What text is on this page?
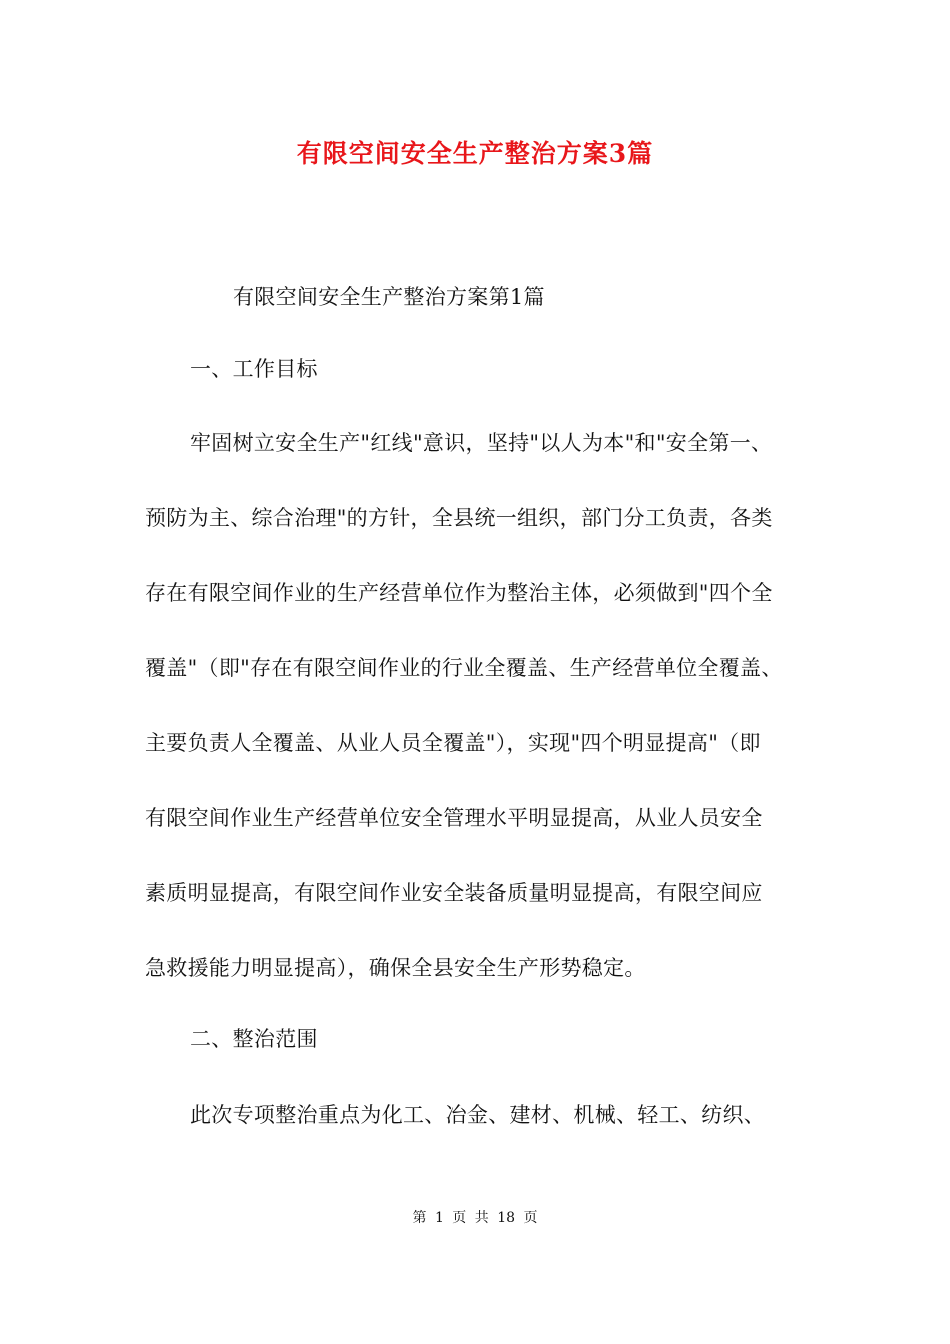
有限空间安全生产整治方案3篇

有限空间安全生产整治方案第1篇

一、工作目标

牢固树立安全生产"红线"意识，坚持"以人为本"和"安全第一、

预防为主、综合治理"的方针，全县统一组织，部门分工负责，各类

存在有限空间作业的生产经营单位作为整治主体，必须做到"四个全

覆盖"（即"存在有限空间作业的行业全覆盖、生产经营单位全覆盖、

主要负责人全覆盖、从业人员全覆盖"），实现"四个明显提高"（即

有限空间作业生产经营单位安全管理水平明显提高，从业人员安全

素质明显提高，有限空间作业安全装备质量明显提高，有限空间应

急救援能力明显提高），确保全县安全生产形势稳定。

二、整治范围

此次专项整治重点为化工、冶金、建材、机械、轻工、纺织、

第 1 页 共 18 页
